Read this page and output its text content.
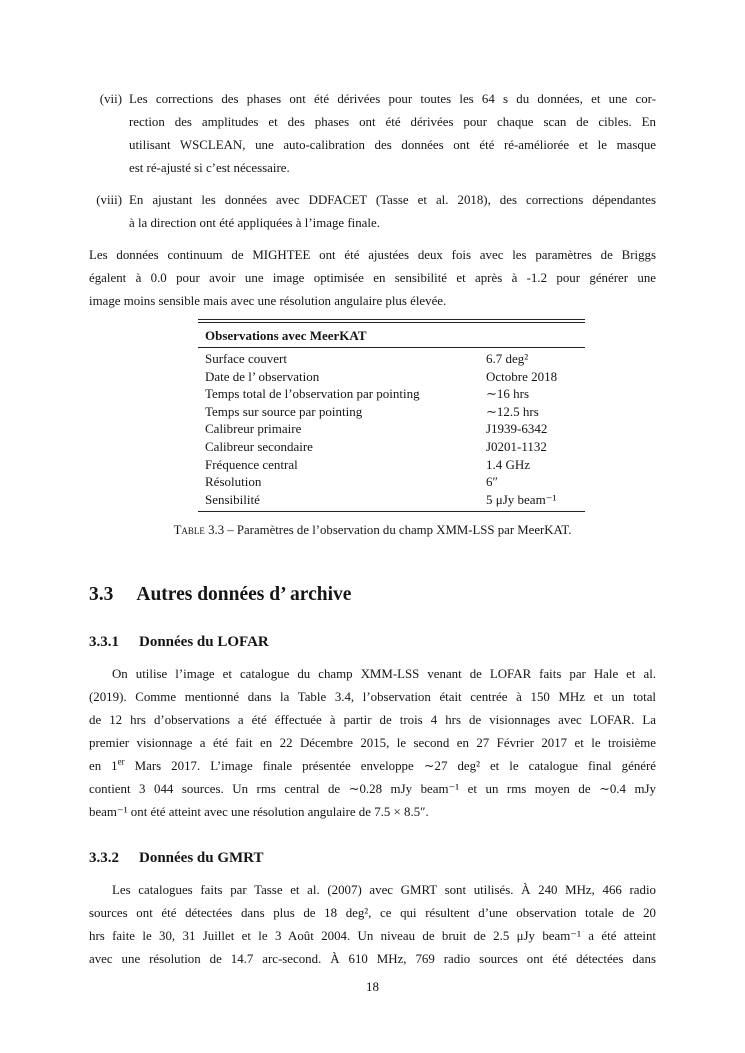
(vii) Les corrections des phases ont été dérivées pour toutes les 64 s du données, et une cor-
rection des amplitudes et des phases ont été dérivées pour chaque scan de cibles. En
utilisant WSCLEAN, une auto-calibration des données ont été ré-améliorée et le masque
est ré-ajusté si c’est nécessaire.
(viii) En ajustant les données avec DDFACET (Tasse et al. 2018), des corrections dépendantes
à la direction ont été appliquées à l’image finale.
Les données continuum de MIGHTEE ont été ajustées deux fois avec les paramètres de Briggs
égalent à 0.0 pour avoir une image optimisée en sensibilité et après à -1.2 pour générer une
image moins sensible mais avec une résolution angulaire plus élevée.
Observations avec MeerKAT
Surface couvert	6.7 deg²
Date de l’ observation	Octobre 2018
Temps total de l’observation par pointing	∼16 hrs
Temps sur source par pointing	∼12.5 hrs
Calibreur primaire	J1939-6342
Calibreur secondaire	J0201-1132
Fréquence central	1.4 GHz
Résolution	6″
Sensibilité	5 μJy beam⁻¹
Table 3.3 – Paramètres de l’observation du champ XMM-LSS par MeerKAT.
3.3 Autres données d’ archive
3.3.1 Données du LOFAR
On utilise l’image et catalogue du champ XMM-LSS venant de LOFAR faits par Hale et al.
(2019). Comme mentionné dans la Table 3.4, l’observation était centrée à 150 MHz et un total
de 12 hrs d’observations a été éffectuée à partir de trois 4 hrs de visionnages avec LOFAR. La
premier visionnage a été fait en 22 Décembre 2015, le second en 27 Février 2017 et le troisième
en 1er Mars 2017. L’image finale présentée enveloppe ∼27 deg² et le catalogue final généré
contient 3 044 sources. Un rms central de ∼0.28 mJy beam⁻¹ et un rms moyen de ∼0.4 mJy
beam⁻¹ ont été atteint avec une résolution angulaire de 7.5 × 8.5″.
3.3.2 Données du GMRT
Les catalogues faits par Tasse et al. (2007) avec GMRT sont utilisés. À 240 MHz, 466 radio
sources ont été détectées dans plus de 18 deg², ce qui résultent d’une observation totale de 20
hrs faite le 30, 31 Juillet et le 3 Août 2004. Un niveau de bruit de 2.5 μJy beam⁻¹ a été atteint
avec une résolution de 14.7 arc-second. À 610 MHz, 769 radio sources ont été détectées dans
18
